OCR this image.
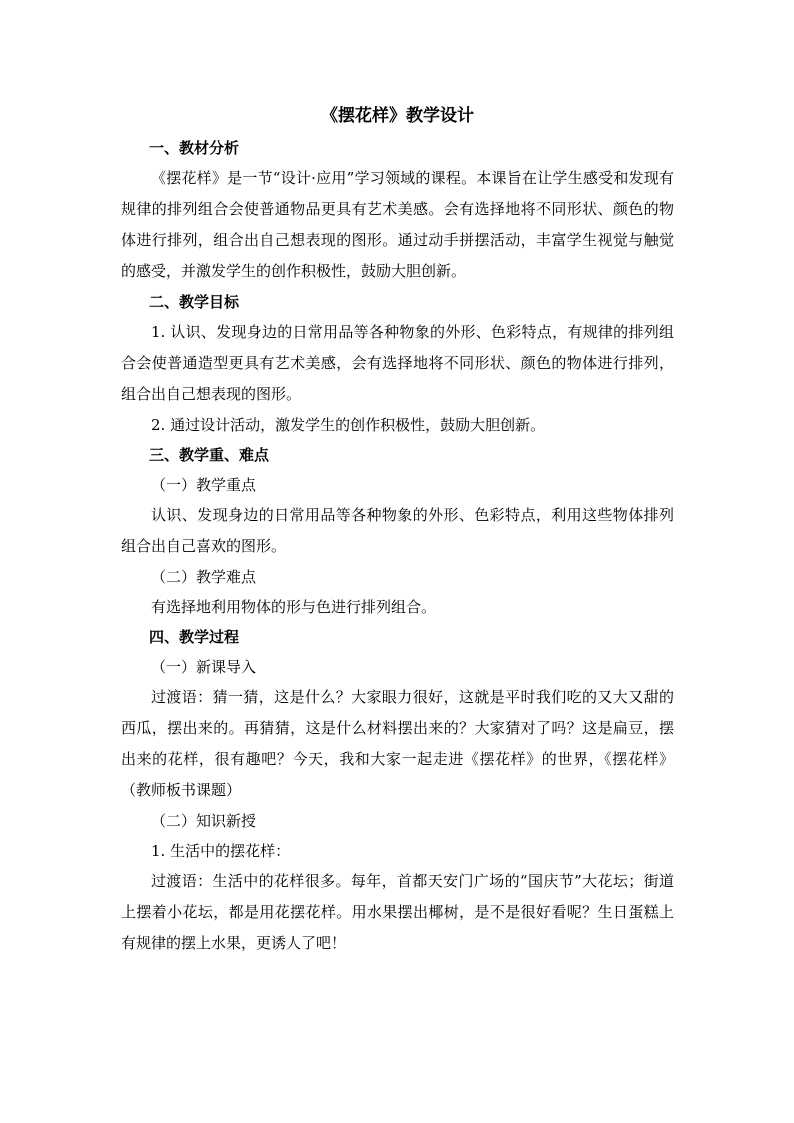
《摆花样》教学设计
一、教材分析

《摆花样》是一节“设计·应用”学习领域的课程。本课旨在让学生感受和发现有规律的排列组合会使普通物品更具有艺术美感。会有选择地将不同形状、颜色的物体进行排列，组合出自己想表现的图形。通过动手拼摆活动，丰富学生视觉与触觉的感受，并激发学生的创作积极性，鼓励大胆创新。

二、教学目标

1. 认识、发现身边的日常用品等各种物象的外形、色彩特点，有规律的排列组合会使普通造型更具有艺术美感，会有选择地将不同形状、颜色的物体进行排列，组合出自己想表现的图形。

2. 通过设计活动，激发学生的创作积极性，鼓励大胆创新。

三、教学重、难点
（一）教学重点

认识、发现身边的日常用品等各种物象的外形、色彩特点，利用这些物体排列组合出自己喜欢的图形。

（二）教学难点

有选择地利用物体的形与色进行排列组合。

四、教学过程
（一）新课导入

过渡语：猜一猜，这是什么？大家眼力很好，这就是平时我们吃的又大又甜的西瓜，摆出来的。再猜猜，这是什么材料摆出来的？大家猜对了吗？这是扁豆，摆出来的花样，很有趣吧？今天，我和大家一起走进《摆花样》的世界，《摆花样》（教师板书课题）

（二）知识新授

1. 生活中的摆花样：

过渡语：生活中的花样很多。每年，首都天安门广场的“国庆节”大花坛；街道上摆着小花坛，都是用花摆花样。用水果摆出椰树，是不是很好看呢？生日蛋糕上有规律的摆上水果，更诱人了吧！
